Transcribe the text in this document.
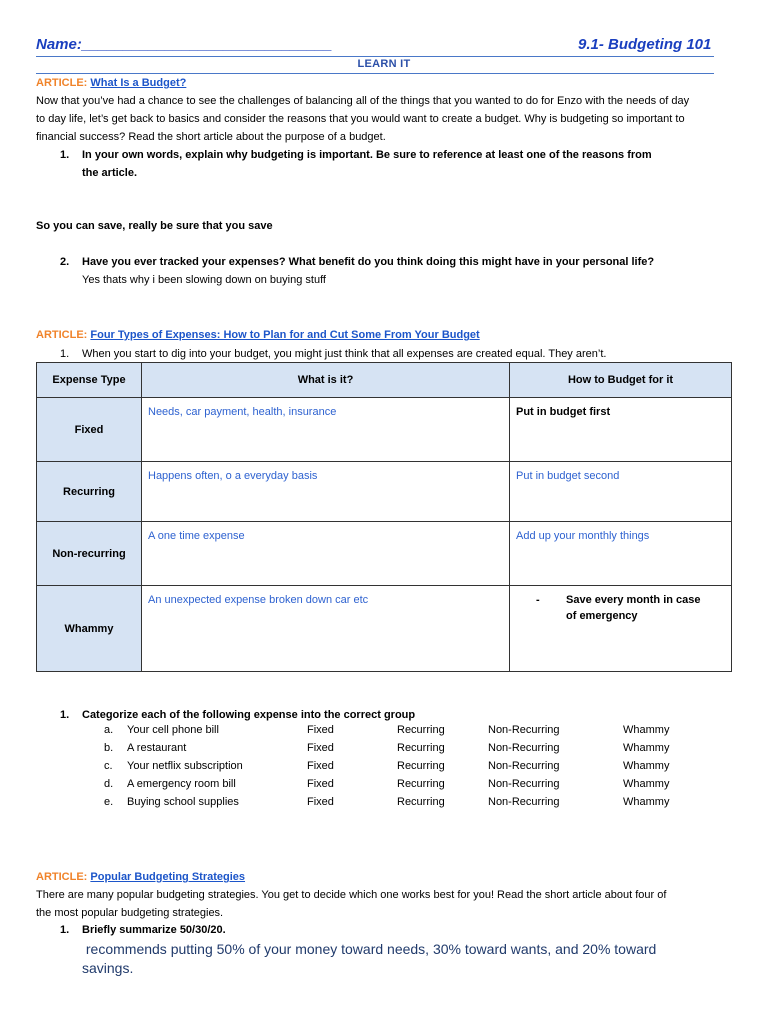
Name:______________________________	9.1- Budgeting 101
LEARN IT
ARTICLE: What Is a Budget?
Now that you’ve had a chance to see the challenges of balancing all of the things that you wanted to do for Enzo with the needs of day
to day life, let’s get back to basics and consider the reasons that you would want to create a budget. Why is budgeting so important to
financial success? Read the short article about the purpose of a budget.
1. In your own words, explain why budgeting is important. Be sure to reference at least one of the reasons from
the article.
So you can save, really be sure that you save
2. Have you ever tracked your expenses? What benefit do you think doing this might have in your personal life?
Yes thats why i been slowing down on buying stuff
ARTICLE: Four Types of Expenses: How to Plan for and Cut Some From Your Budget
1. When you start to dig into your budget, you might just think that all expenses are created equal. They aren’t.
Expense Type	What is it?	How to Budget for it
Fixed	Needs, car payment, health, insurance	Put in budget first
Recurring	Happens often, o a everyday basis	Put in budget second
Non-recurring	A one time expense	Add up your monthly things
Whammy	An unexpected expense broken down car etc	- Save every month in case
of emergency
1. Categorize each of the following expense into the correct group
a. Your cell phone bill	Fixed	Recurring	Non-Recurring	Whammy
b. A restaurant	Fixed	Recurring	Non-Recurring	Whammy
c. Your netflix subscription	Fixed	Recurring	Non-Recurring	Whammy
d. A emergency room bill	Fixed	Recurring	Non-Recurring	Whammy
e. Buying school supplies	Fixed	Recurring	Non-Recurring	Whammy
ARTICLE: Popular Budgeting Strategies
There are many popular budgeting strategies. You get to decide which one works best for you! Read the short article about four of
the most popular budgeting strategies.
1. Briefly summarize 50/30/20.
recommends putting 50% of your money toward needs, 30% toward wants, and 20% toward
savings.
